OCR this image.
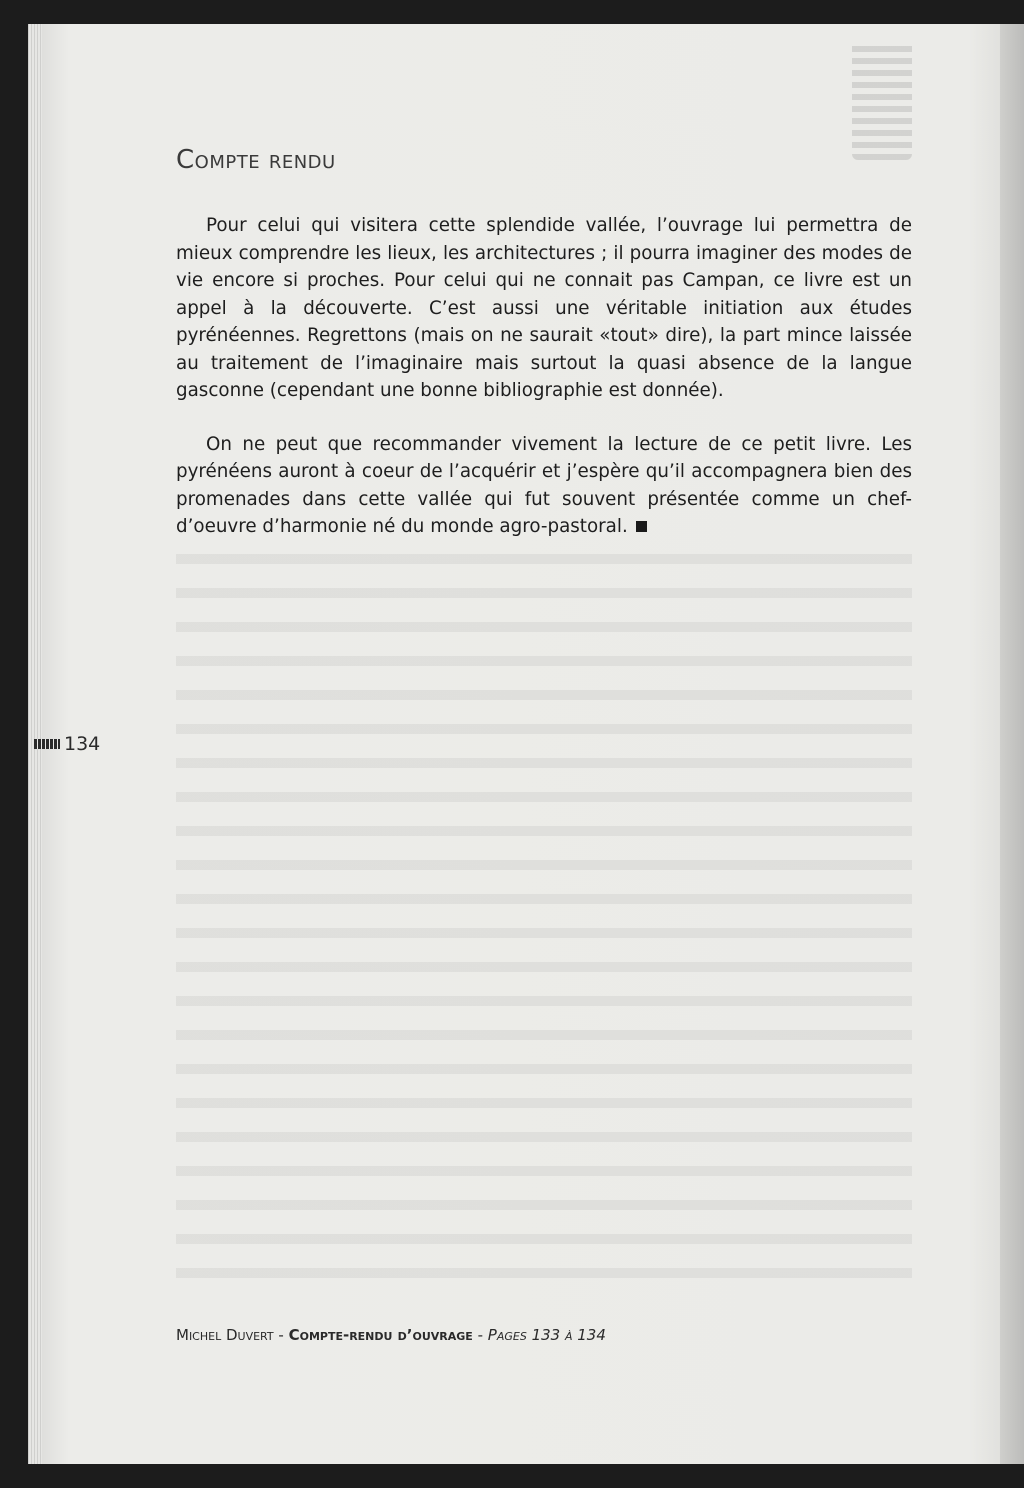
Compte rendu

Pour celui qui visitera cette splendide vallée, l’ouvrage lui permettra de mieux comprendre les lieux, les architectures ; il pourra imaginer des modes de vie encore si proches. Pour celui qui ne connait pas Campan, ce livre est un appel à la découverte. C’est aussi une véritable initiation aux études pyrénéennes. Regrettons (mais on ne saurait «tout» dire), la part mince laissée au traitement de l’imaginaire mais surtout la quasi absence de la langue gasconne (cependant une bonne bibliographie est donnée).

On ne peut que recommander vivement la lecture de ce petit livre. Les pyrénéens auront à coeur de l’acquérir et j’espère qu’il accompagnera bien des promenades dans cette vallée qui fut souvent présentée comme un chef-d’oeuvre d’harmonie né du monde agro-pastoral.

134
Michel Duvert - Compte-rendu d’ouvrage - Pages 133 à 134
